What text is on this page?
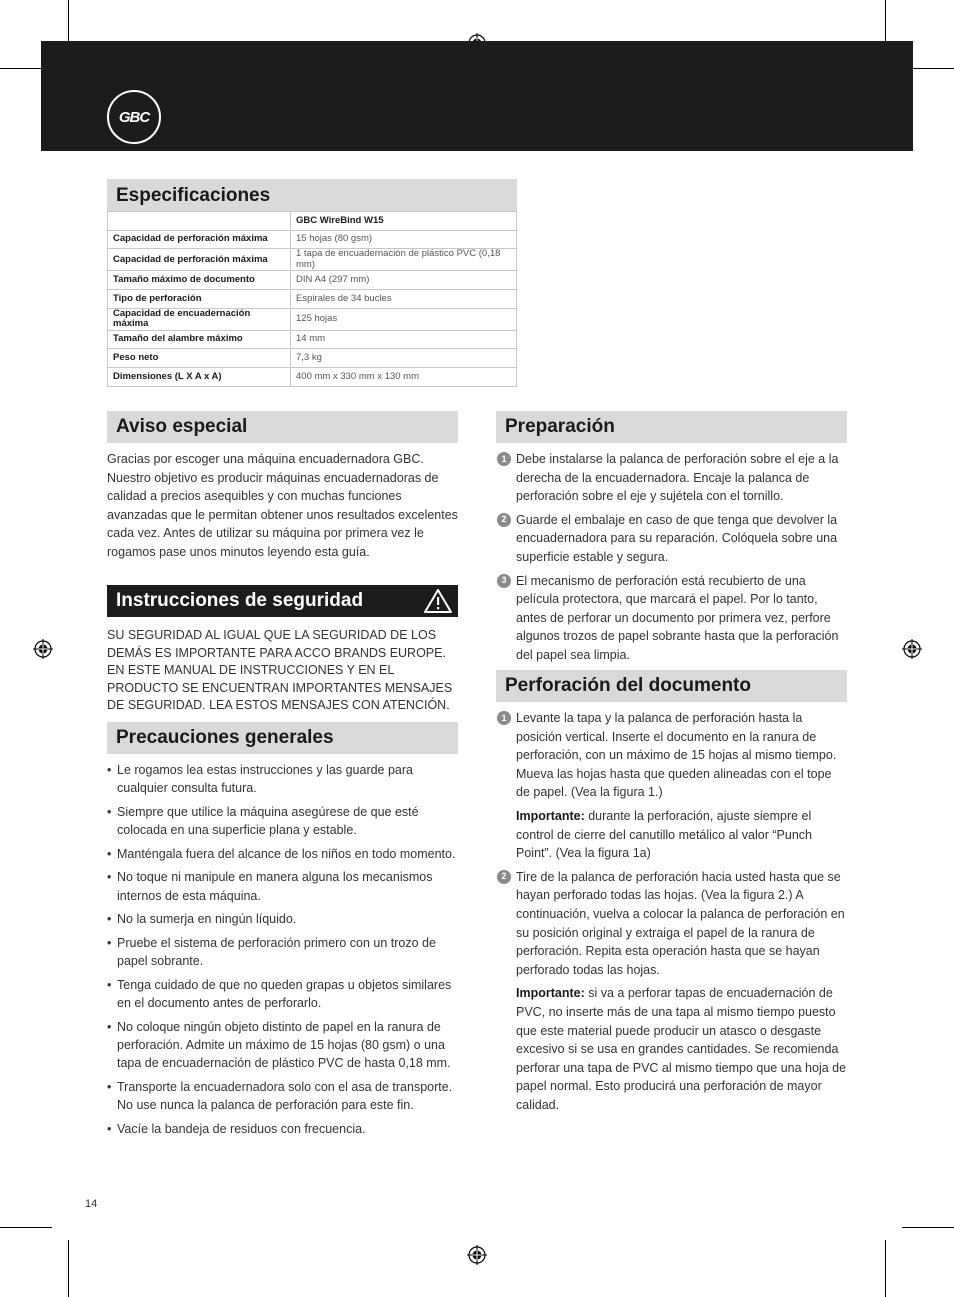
GBC
Especificaciones
	GBC WireBind W15
Capacidad de perforación máxima	15 hojas (80 gsm)
Capacidad de perforación máxima	1 tapa de encuadernación de plástico PVC (0,18 mm)
Tamaño máximo de documento	DIN A4 (297 mm)
Tipo de perforación	Espirales de 34 bucles
Capacidad de encuadernación máxima	125 hojas
Tamaño del alambre máximo	14 mm
Peso neto	7,3 kg
Dimensiones (L X A x A)	400 mm x 330 mm x 130 mm
Aviso especial
Gracias por escoger una máquina encuadernadora GBC. Nuestro objetivo es producir máquinas encuadernadoras de calidad a precios asequibles y con muchas funciones avanzadas que le permitan obtener unos resultados excelentes cada vez. Antes de utilizar su máquina por primera vez le rogamos pase unos minutos leyendo esta guía.
Instrucciones de seguridad
SU SEGURIDAD AL IGUAL QUE LA SEGURIDAD DE LOS DEMÁS ES IMPORTANTE PARA ACCO BRANDS EUROPE. EN ESTE MANUAL DE INSTRUCCIONES Y EN EL PRODUCTO SE ENCUENTRAN IMPORTANTES MENSAJES DE SEGURIDAD. LEA ESTOS MENSAJES CON ATENCIÓN.
Precauciones generales
• Le rogamos lea estas instrucciones y las guarde para cualquier consulta futura.
• Siempre que utilice la máquina asegúrese de que esté colocada en una superficie plana y estable.
• Manténgala fuera del alcance de los niños en todo momento.
• No toque ni manipule en manera alguna los mecanismos internos de esta máquina.
• No la sumerja en ningún líquido.
• Pruebe el sistema de perforación primero con un trozo de papel sobrante.
• Tenga cuidado de que no queden grapas u objetos similares en el documento antes de perforarlo.
• No coloque ningún objeto distinto de papel en la ranura de perforación. Admite un máximo de 15 hojas (80 gsm) o una tapa de encuadernación de plástico PVC de hasta 0,18 mm.
• Transporte la encuadernadora solo con el asa de transporte. No use nunca la palanca de perforación para este fin.
• Vacíe la bandeja de residuos con frecuencia.
Preparación
1 Debe instalarse la palanca de perforación sobre el eje a la derecha de la encuadernadora. Encaje la palanca de perforación sobre el eje y sujétela con el tornillo.
2 Guarde el embalaje en caso de que tenga que devolver la encuadernadora para su reparación. Colóquela sobre una superficie estable y segura.
3 El mecanismo de perforación está recubierto de una película protectora, que marcará el papel. Por lo tanto, antes de perforar un documento por primera vez, perfore algunos trozos de papel sobrante hasta que la perforación del papel sea limpia.
Perforación del documento
1 Levante la tapa y la palanca de perforación hasta la posición vertical. Inserte el documento en la ranura de perforación, con un máximo de 15 hojas al mismo tiempo. Mueva las hojas hasta que queden alineadas con el tope de papel. (Vea la figura 1.)
Importante: durante la perforación, ajuste siempre el control de cierre del canutillo metálico al valor “Punch Point”. (Vea la figura 1a)
2 Tire de la palanca de perforación hacia usted hasta que se hayan perforado todas las hojas. (Vea la figura 2.) A continuación, vuelva a colocar la palanca de perforación en su posición original y extraiga el papel de la ranura de perforación. Repita esta operación hasta que se hayan perforado todas las hojas.
Importante: si va a perforar tapas de encuadernación de PVC, no inserte más de una tapa al mismo tiempo puesto que este material puede producir un atasco o desgaste excesivo si se usa en grandes cantidades. Se recomienda perforar una tapa de PVC al mismo tiempo que una hoja de papel normal. Esto producirá una perforación de mayor calidad.
14
